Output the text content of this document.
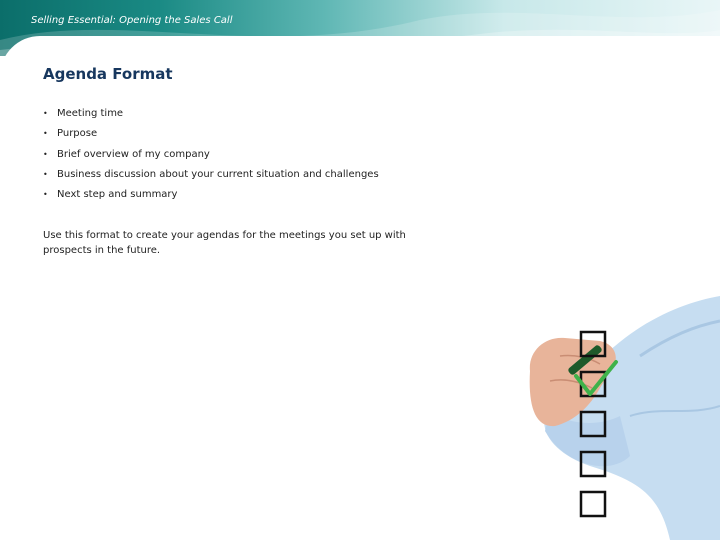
Selling Essential: Opening the Sales Call
Agenda Format
• Meeting time
• Purpose
• Brief overview of my company
• Business discussion about your current situation and challenges
• Next step and summary
Use this format to create your agendas for the meetings you set up with prospects in the future.
